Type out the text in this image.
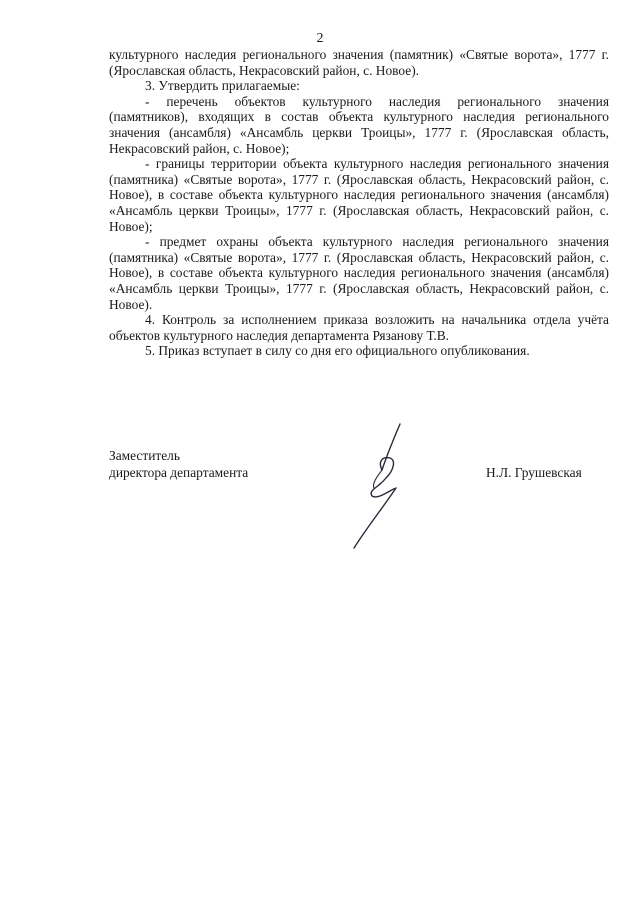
2

культурного наследия регионального значения (памятник) «Святые ворота», 1777 г. (Ярославская область, Некрасовский район, с. Новое).

3. Утвердить прилагаемые:

- перечень объектов культурного наследия регионального значения (памятников), входящих в состав объекта культурного наследия регионального значения (ансамбля) «Ансамбль церкви Троицы», 1777 г. (Ярославская область, Некрасовский район, с. Новое);

- границы территории объекта культурного наследия регионального значения (памятника) «Святые ворота», 1777 г. (Ярославская область, Некрасовский район, с. Новое), в составе объекта культурного наследия регионального значения (ансамбля) «Ансамбль церкви Троицы», 1777 г. (Ярославская область, Некрасовский район, с. Новое);

- предмет охраны объекта культурного наследия регионального значения (памятника) «Святые ворота», 1777 г. (Ярославская область, Некрасовский район, с. Новое), в составе объекта культурного наследия регионального значения (ансамбля) «Ансамбль церкви Троицы», 1777 г. (Ярославская область, Некрасовский район, с. Новое).

4. Контроль за исполнением приказа возложить на начальника отдела учёта объектов культурного наследия департамента Рязанову Т.В.

5. Приказ вступает в силу со дня его официального опубликования.

Заместитель
директора департамента	Н.Л. Грушевская
